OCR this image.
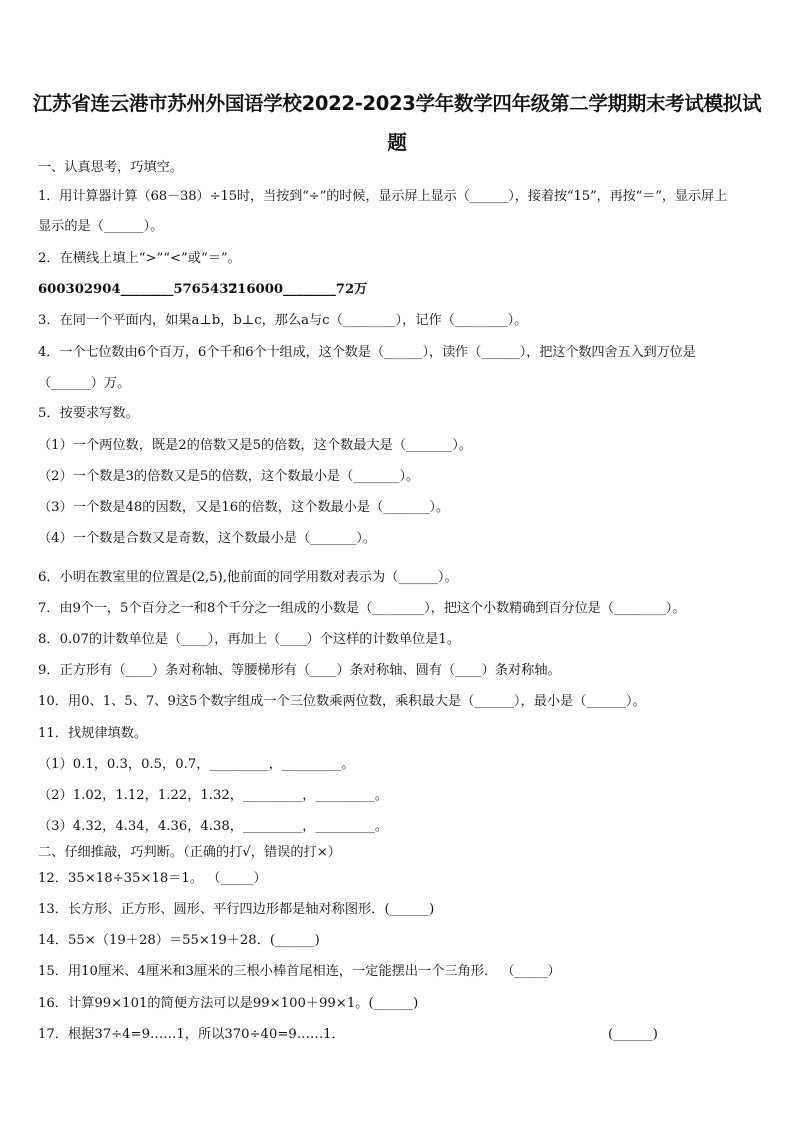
江苏省连云港市苏州外国语学校2022-2023学年数学四年级第二学期期末考试模拟试
题
一、认真思考，巧填空。
1．用计算器计算（68－38）÷15时，当按到“÷”的时候，显示屏上显示（______），接着按“15”，再按“＝”，显示屏上
显示的是（______）。
2．在横线上填上“>”“<”或“＝”。
600302904________5765432
716000________72万
3．在同一个平面内，如果a⊥b，b⊥c，那么a与c（________），记作（________）。
4．一个七位数由6个百万，6个千和6个十组成，这个数是（______），读作（______），把这个数四舍五入到万位是
（______）万。
5．按要求写数。
（1）一个两位数，既是2的倍数又是5的倍数，这个数最大是（_______）。
（2）一个数是3的倍数又是5的倍数，这个数最小是（_______）。
（3）一个数是48的因数，又是16的倍数，这个数最小是（_______）。
（4）一个数是合数又是奇数，这个数最小是（_______）。
6．小明在教室里的位置是(2,5),他前面的同学用数对表示为（______）。
7．由9个一，5个百分之一和8个千分之一组成的小数是（________），把这个小数精确到百分位是（________）。
8．0.07的计数单位是（____），再加上（____）个这样的计数单位是1。
9．正方形有（____）条对称轴、等腰梯形有（____）条对称轴、圆有（____）条对称轴。
10．用0、1、5、7、9这5个数字组成一个三位数乘两位数，乘积最大是（______），最小是（______）。
11．找规律填数。
（1）0.1，0.3，0.5，0.7，_________，_________。
（2）1.02，1.12，1.22，1.32，_________，_________。
（3）4.32，4.34，4.36，4.38，_________，_________。
二、仔细推敲，巧判断。（正确的打√，错误的打×）
12．35×18÷35×18＝1。 （_____）
13．长方形、正方形、圆形、平行四边形都是轴对称图形．(______)
14．55×（19＋28）＝55×19＋28．(______)
15．用10厘米、4厘米和3厘米的三根小棒首尾相连，一定能摆出一个三角形． （_____）
16．计算99×101的简便方法可以是99×100＋99×1。(______)
17．根据37÷4=9……1，所以370÷40=9……1．	(______)
